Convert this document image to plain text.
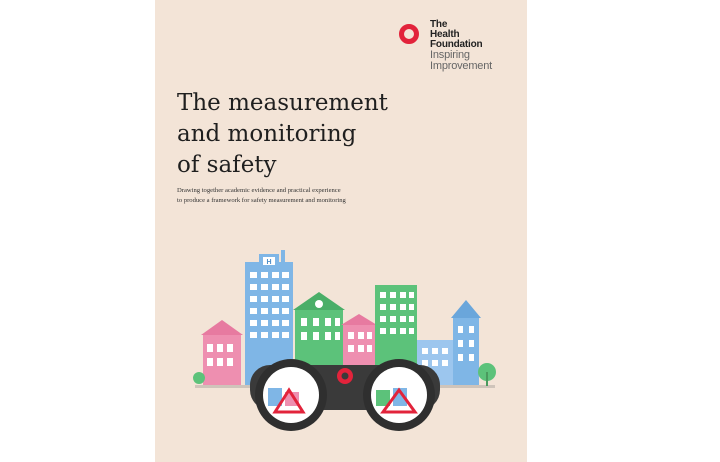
The
Health
Foundation
Inspiring
Improvement
The measurement
and monitoring
of safety
Drawing together academic evidence and practical experience
to produce a framework for safety measurement and monitoring
H
